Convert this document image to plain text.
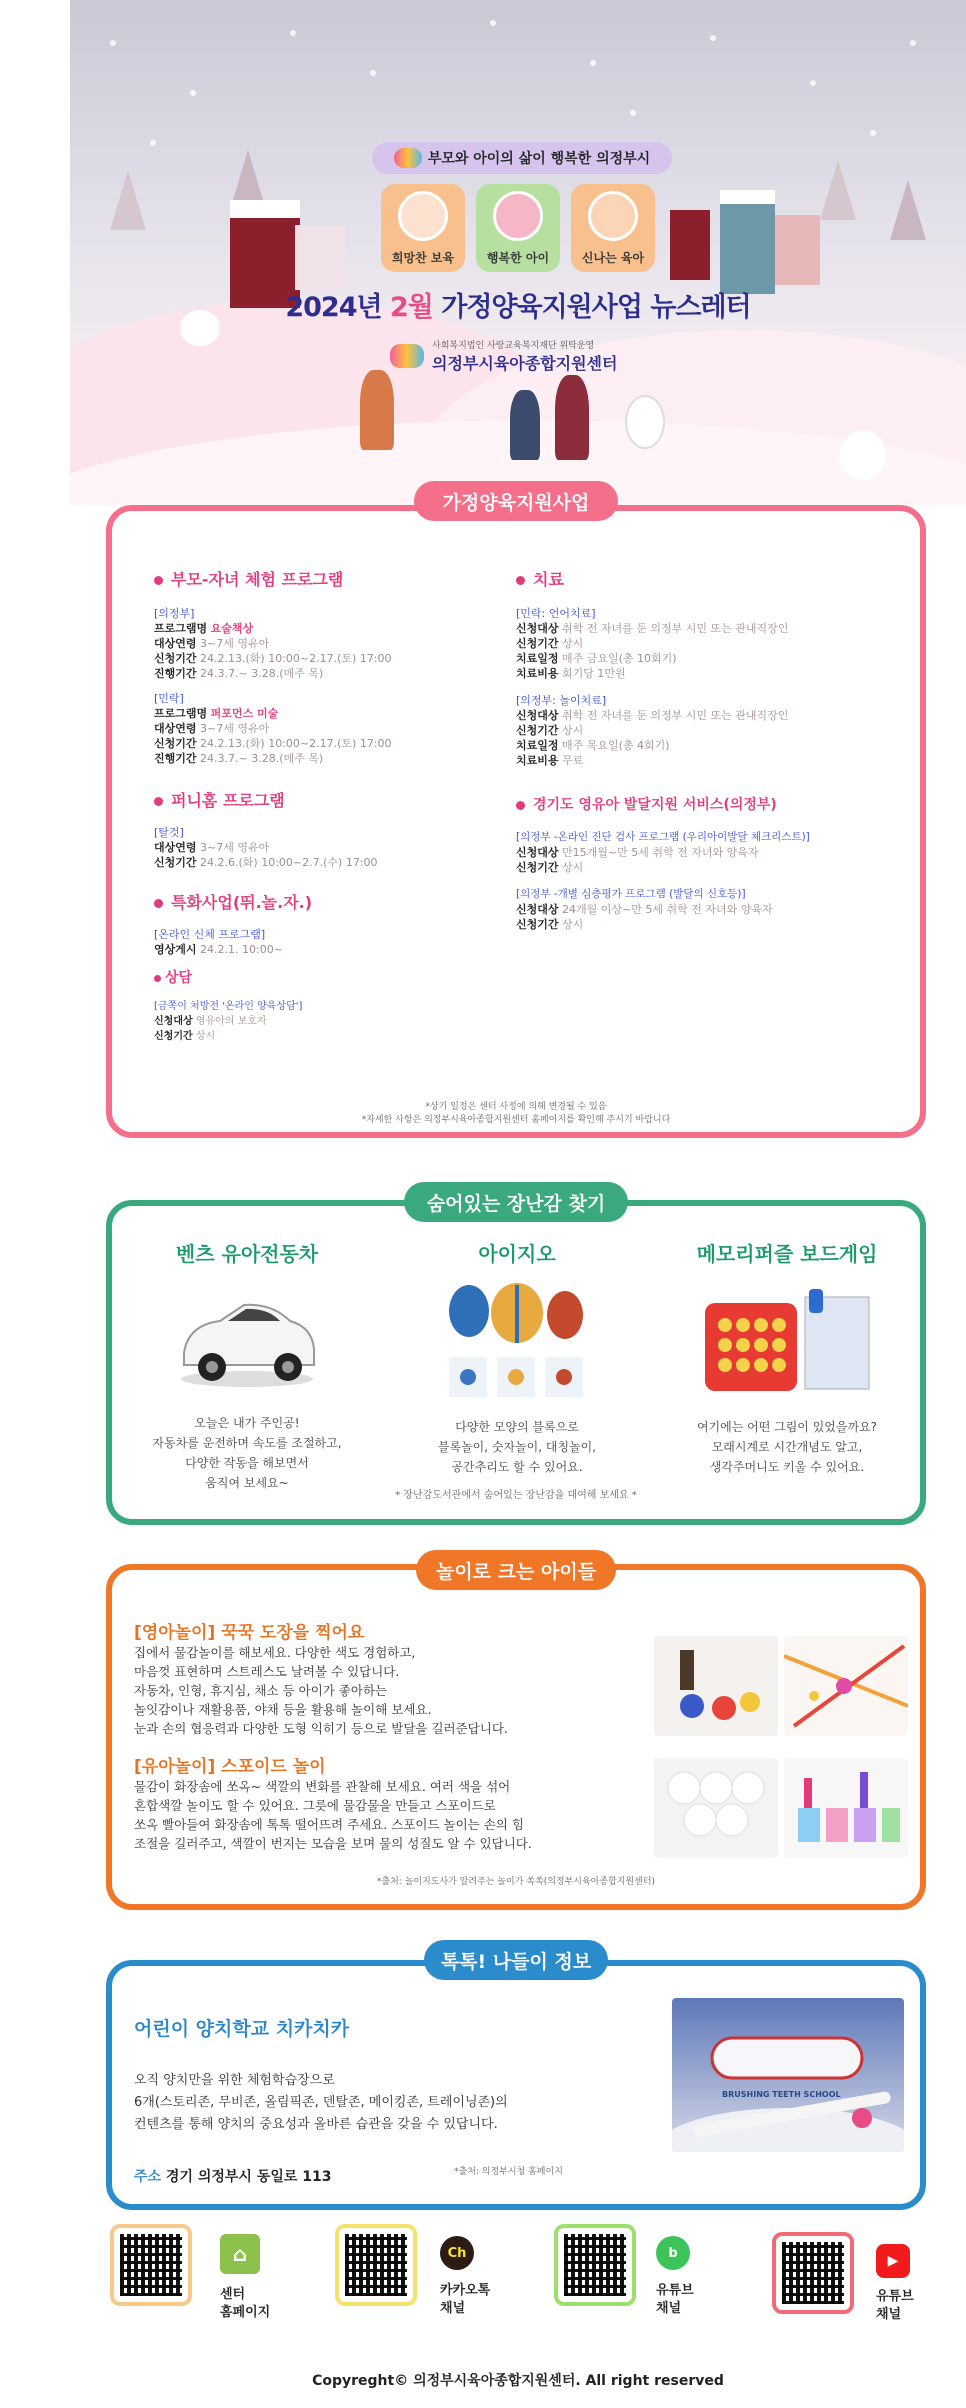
부모와 아이의 삶이 행복한 의정부시
희망찬 보육	행복한 아이	신나는 육아
2024년 2월 가정양육지원사업 뉴스레터
사회복지법인 사랑교육복지재단 위탁운영
의정부시육아종합지원센터
가정양육지원사업

부모-자녀 체험 프로그램

[의정부]

프로그램명 요술책상

대상연령 3~7세 영유아

신청기간 24.2.13.(화) 10:00~2.17.(토) 17:00

진행기간 24.3.7.~ 3.28.(매주 목)

[민락]

프로그램명 퍼포먼스 미술

대상연령 3~7세 영유아

신청기간 24.2.13.(화) 10:00~2.17.(토) 17:00

진행기간 24.3.7.~ 3.28.(매주 목)

퍼니홈 프로그램

[탈것]

대상연령 3~7세 영유아

신청기간 24.2.6.(화) 10:00~2.7.(수) 17:00

특화사업(뛰.놀.자.)

[온라인 신체 프로그램]

영상게시 24.2.1. 10:00~

상담

[금쪽이 처방전 '온라인 양육상담']

신청대상 영유아의 보호자

신청기간 상시

치료

[민락: 언어치료]

신청대상 취학 전 자녀를 둔 의정부 시민 또는 관내직장인

신청기간 상시

치료일정 매주 금요일(총 10회기)

치료비용 회기당 1만원

[의정부: 놀이치료]

신청대상 취학 전 자녀를 둔 의정부 시민 또는 관내직장인

신청기간 상시

치료일정 매주 목요일(총 4회기)

치료비용 무료

경기도 영유아 발달지원 서비스(의정부)

[의정부 -온라인 진단 검사 프로그램 (우리아이발달 체크리스트)]

신청대상 만15개월~만 5세 취학 전 자녀와 양육자

신청기간 상시

[의정부 -개별 심층평가 프로그램 (발달의 신호등)]

신청대상 24개월 이상~만 5세 취학 전 자녀와 양육자

신청기간 상시

*상기 일정은 센터 사정에 의해 변경될 수 있음
*자세한 사항은 의정부시육아종합지원센터 홈페이지를 확인해 주시기 바랍니다
숨어있는 장난감 찾기
벤츠 유아전동차
오늘은 내가 주인공!
자동차를 운전하며 속도를 조절하고,
다양한 작동을 해보면서
움직여 보세요~
아이지오
다양한 모양의 블록으로
블록놀이, 숫자놀이, 대칭놀이,
공간추리도 할 수 있어요.
메모리퍼즐 보드게임
여기에는 어떤 그림이 있었을까요?
모래시계로 시간개념도 알고,
생각주머니도 키울 수 있어요.
* 장난감도서관에서 숨어있는 장난감을 대여해 보세요 *
놀이로 크는 아이들

[영아놀이] 꾹꾹 도장을 찍어요

집에서 물감놀이를 해보세요. 다양한 색도 경험하고,

마음껏 표현하며 스트레스도 날려볼 수 있답니다.

자동차, 인형, 휴지심, 채소 등 아이가 좋아하는

놀잇감이나 재활용품, 야채 등을 활용해 놀이해 보세요.

눈과 손의 협응력과 다양한 도형 익히기 등으로 발달을 길러준답니다.

[유아놀이] 스포이드 놀이

물감이 화장솜에 쏘옥~ 색깔의 변화를 관찰해 보세요. 여러 색을 섞어

혼합색깔 놀이도 할 수 있어요. 그릇에 물감물을 만들고 스포이드로

쏘옥 빨아들여 화장솜에 톡톡 떨어뜨려 주세요. 스포이드 놀이는 손의 힘

조절을 길러주고, 색깔이 번지는 모습을 보며 물의 성질도 알 수 있답니다.

*출처: 놀이지도사가 알려주는 놀이가 쏙쏙(의정부시육아종합지원센터)
톡톡! 나들이 정보

어린이 양치학교 치카치카

오직 양치만을 위한 체험학습장으로

6개(스토리존, 무비존, 올림픽존, 덴탈존, 메이킹존, 트레이닝존)의

컨텐츠를 통해 양치의 중요성과 올바른 습관을 갖을 수 있답니다.

주소 경기 의정부시 동일로 113	*출처: 의정부시청 홈페이지
BRUSHING TEETH SCHOOL
⌂
센터
홈페이지
Ch
카카오톡
채널
b
유튜브
채널
▶
유튜브
채널
Copyreght© 의정부시육아종합지원센터. All right reserved
